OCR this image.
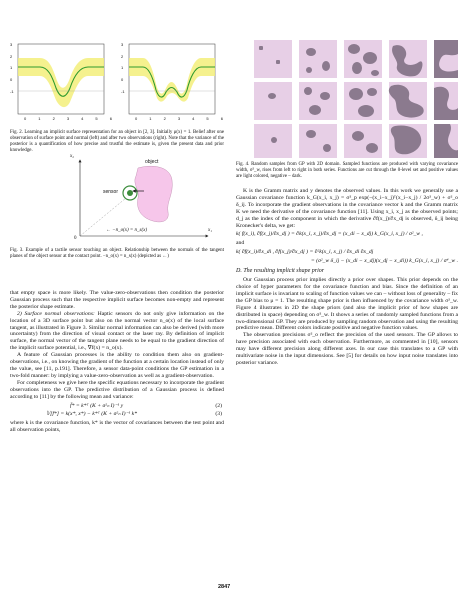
3
2
1
0
-1
0	1	2	3	4	5	6
3
2
1
0
-1
0	1	2	3	4	5	6
Fig. 2. Learning an implicit surface representation for an object in [2, 3]. Initially μ(x) = 1. Belief after one observation of surface point and normal (left) and after two observations (right). Note that the variance of the posterior is a quantification of how precise and trustful the estimate is, given the present data and prior knowledge.
Fig. 4. Random samples from GP with 2D domain. Sampled functions are produced with varying covariance width, σ²_w, rises from left to right in both series. Functions are cut through the 0-level set and positive values are light colored, negative – dark.
x₂
object
sensor
0
x₁
← −n_o(x) = n_s(x)
Fig. 3. Example of a tactile sensor touching an object. Relationship between the normals of the tangent planes of the object sensor at the contact point. −n_o(x) = n_s(x) (depicted as ←)

that empty space is more likely. The value-zero-observations then condition the posterior Gaussian process such that the respective implicit surface becomes non-empty and represent the posterior shape estimate.

2) Surface normal observations: Haptic sensors do not only give information on the location of a 3D surface point but also on the normal vector n_o(x) of the local surface tangent, as illustrated in Figure 3. Similar normal information can also be derived (with more uncertainty) from the direction of visual contact or the laser ray. By definition of implicit surface, the normal vector of the tangent plane needs to be equal to the gradient direction of the implicit surface potential, i.e., ∇f(x) = n_o(x).

A feature of Gaussian processes is the ability to condition them also on gradient-observations, i.e., on knowing the gradient of the function at a certain location instead of only the value, see [11, p.191]. Therefore, a sensor data-point conditions the GP estimation in a two-fold manner: by implying a value-zero-observation as well as a gradient-observation.

For completeness we give here the specific equations necessary to incorporate the gradient observations into the GP. The predictive distribution of a Gaussian process is defined according to [11] by the following mean and variance:

f̄* = k*ᵀ (K + σ²ₙ I)⁻¹ y	(2)
𝕍[f*] = k(x*, x*) − k*ᵀ (K + σ²ₙ I)⁻¹ k*	(3)

where k is the covariance function, k* is the vector of covariances between the test point and all observation points,

K is the Gramm matrix and y denotes the observed values. In this work we generally use a Gaussian covariance function k_G(x_i, x_j) = σ²_p exp(−(x_i−x_j)ᵀ(x_i−x_j) / 2σ²_w) + σ²_o δ_ij. To incorporate the gradient observations in the covariance vector k and the Gramm matrix K we need the derivative of the covariance function [11]. Using x_i, x_j as the observed points; d_j as the index of the component in which the derivative ∂f(x_j)/∂x_dj is observed, δ_ij being Kronecker's delta, we get:

k( f(x_i), ∂f(x_j)/∂x_dj ) = ∂k(x_i, x_j)/∂x_dj = (x_di − x_dj) k_G(x_i, x_j) / σ²_w ,

and

k( ∂f(x_i)/∂x_di , ∂f(x_j)/∂x_dj ) = ∂²k(x_i, x_j) / ∂x_di ∂x_dj
= (σ²_w δ_ij − (x_di − x_dj)(x_dj − x_di)) k_G(x_i, x_j) / σ⁴_w .
D. The resulting implicit shape prior

Our Gaussian process prior implies directly a prior over shapes. This prior depends on the choice of hyper parameters for the covariance function and bias. Since the definition of an implicit surface is invariant to scaling of function values we can – without loss of generality – fix the GP bias to μ = 1. The resulting shape prior is then influenced by the covariance width σ²_w. Figure 4 illustrates in 2D the shape priors (and also the implicit prior of how shapes are distributed in space) depending on σ²_w. It shows a series of randomly sampled functions from a two-dimensional GP. They are produced by sampling random observation and using the resulting predictive mean. Different colors indicate positive and negative function values.

The observation precisions σ²_o reflect the precision of the used sensors. The GP allows to have precision associated with each observation. Furthermore, as commented in [10], sensors may have different precision along different axes. In our case this translates to a GP with multivariate noise in the input dimensions. See [5] for details on how input noise translates into posterior variance.

2847
